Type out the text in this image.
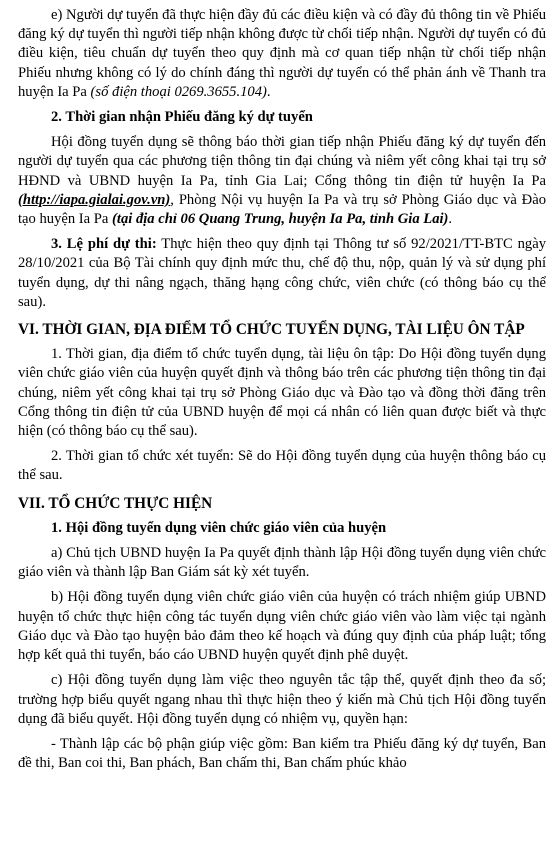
e) Người dự tuyển đã thực hiện đầy đủ các điều kiện và có đầy đủ thông tin về Phiếu đăng ký dự tuyển thì người tiếp nhận không được từ chối tiếp nhận. Người dự tuyển có đủ điều kiện, tiêu chuẩn dự tuyển theo quy định mà cơ quan tiếp nhận từ chối tiếp nhận Phiếu nhưng không có lý do chính đáng thì người dự tuyển có thể phản ánh về Thanh tra huyện Ia Pa (số điện thoại 0269.3655.104).

2. Thời gian nhận Phiếu đăng ký dự tuyển

Hội đồng tuyển dụng sẽ thông báo thời gian tiếp nhận Phiếu đăng ký dự tuyển đến người dự tuyển qua các phương tiện thông tin đại chúng và niêm yết công khai tại trụ sở HĐND và UBND huyện Ia Pa, tỉnh Gia Lai; Cổng thông tin điện tử huyện Ia Pa (http://iapa.gialai.gov.vn), Phòng Nội vụ huyện Ia Pa và trụ sở Phòng Giáo dục và Đào tạo huyện Ia Pa (tại địa chỉ 06 Quang Trung, huyện Ia Pa, tỉnh Gia Lai).

3. Lệ phí dự thi: Thực hiện theo quy định tại Thông tư số 92/2021/TT-BTC ngày 28/10/2021 của Bộ Tài chính quy định mức thu, chế độ thu, nộp, quản lý và sử dụng phí tuyển dụng, dự thi nâng ngạch, thăng hạng công chức, viên chức (có thông báo cụ thể sau).

VI. THỜI GIAN, ĐỊA ĐIỂM TỔ CHỨC TUYỂN DỤNG, TÀI LIỆU ÔN TẬP

1. Thời gian, địa điểm tổ chức tuyển dụng, tài liệu ôn tập: Do Hội đồng tuyển dụng viên chức giáo viên của huyện quyết định và thông báo trên các phương tiện thông tin đại chúng, niêm yết công khai tại trụ sở Phòng Giáo dục và Đào tạo và đồng thời đăng trên Cổng thông tin điện tử của UBND huyện để mọi cá nhân có liên quan được biết và thực hiện (có thông báo cụ thể sau).

2. Thời gian tổ chức xét tuyển: Sẽ do Hội đồng tuyển dụng của huyện thông báo cụ thể sau.

VII. TỔ CHỨC THỰC HIỆN

1. Hội đồng tuyển dụng viên chức giáo viên của huyện

a) Chủ tịch UBND huyện Ia Pa quyết định thành lập Hội đồng tuyển dụng viên chức giáo viên và thành lập Ban Giám sát kỳ xét tuyển.

b) Hội đồng tuyển dụng viên chức giáo viên của huyện có trách nhiệm giúp UBND huyện tổ chức thực hiện công tác tuyển dụng viên chức giáo viên vào làm việc tại ngành Giáo dục và Đào tạo huyện bảo đảm theo kế hoạch và đúng quy định của pháp luật; tổng hợp kết quả thi tuyển, báo cáo UBND huyện quyết định phê duyệt.

c) Hội đồng tuyển dụng làm việc theo nguyên tắc tập thể, quyết định theo đa số; trường hợp biểu quyết ngang nhau thì thực hiện theo ý kiến mà Chủ tịch Hội đồng tuyển dụng đã biểu quyết. Hội đồng tuyển dụng có nhiệm vụ, quyền hạn:

- Thành lập các bộ phận giúp việc gồm: Ban kiểm tra Phiếu đăng ký dự tuyển, Ban đề thi, Ban coi thi, Ban phách, Ban chấm thi, Ban chấm phúc khảo
